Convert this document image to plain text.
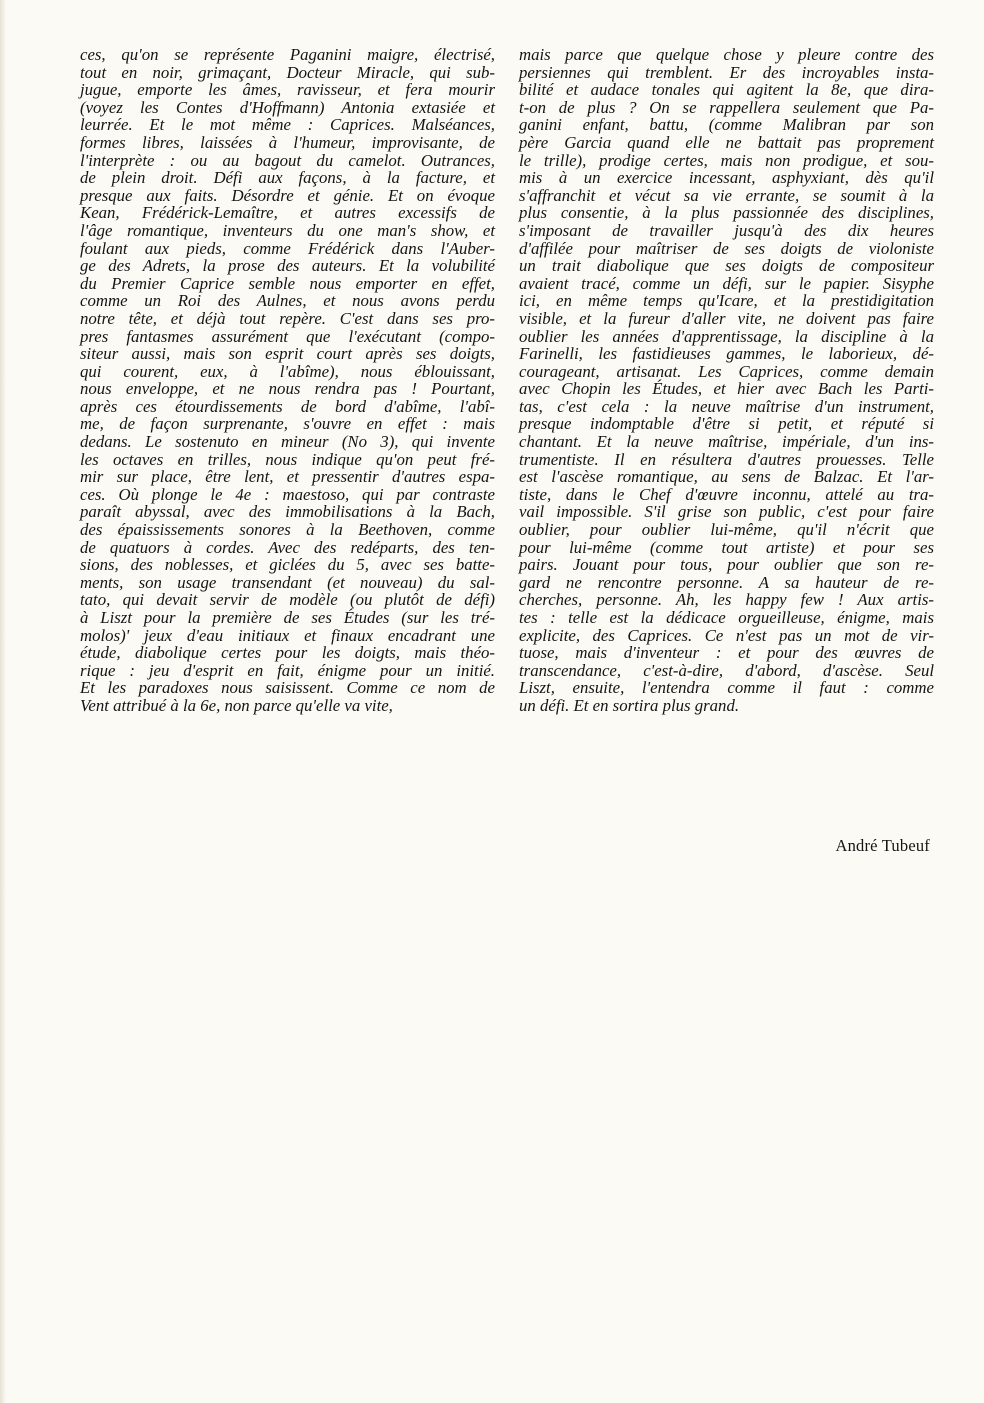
ces, qu'on se représente Paganini maigre, électrisé,
tout en noir, grimaçant, Docteur Miracle, qui sub-
jugue, emporte les âmes, ravisseur, et fera mourir
(voyez les Contes d'Hoffmann) Antonia extasiée et
leurrée. Et le mot même : Caprices. Malséances,
formes libres, laissées à l'humeur, improvisante, de
l'interprète : ou au bagout du camelot. Outrances,
de plein droit. Défi aux façons, à la facture, et
presque aux faits. Désordre et génie. Et on évoque
Kean, Frédérick-Lemaître, et autres excessifs de
l'âge romantique, inventeurs du one man's show, et
foulant aux pieds, comme Frédérick dans l'Auber-
ge des Adrets, la prose des auteurs. Et la volubilité
du Premier Caprice semble nous emporter en effet,
comme un Roi des Aulnes, et nous avons perdu
notre tête, et déjà tout repère. C'est dans ses pro-
pres fantasmes assurément que l'exécutant (compo-
siteur aussi, mais son esprit court après ses doigts,
qui courent, eux, à l'abîme), nous éblouissant,
nous enveloppe, et ne nous rendra pas ! Pourtant,
après ces étourdissements de bord d'abîme, l'abî-
me, de façon surprenante, s'ouvre en effet : mais
dedans. Le sostenuto en mineur (No 3), qui invente
les octaves en trilles, nous indique qu'on peut fré-
mir sur place, être lent, et pressentir d'autres espa-
ces. Où plonge le 4e : maestoso, qui par contraste
paraît abyssal, avec des immobilisations à la Bach,
des épaississements sonores à la Beethoven, comme
de quatuors à cordes. Avec des redéparts, des ten-
sions, des noblesses, et giclées du 5, avec ses batte-
ments, son usage transendant (et nouveau) du sal-
tato, qui devait servir de modèle (ou plutôt de défi)
à Liszt pour la première de ses Études (sur les tré-
molos)' jeux d'eau initiaux et finaux encadrant une
étude, diabolique certes pour les doigts, mais théo-
rique : jeu d'esprit en fait, énigme pour un initié.
Et les paradoxes nous saisissent. Comme ce nom de
Vent attribué à la 6e, non parce qu'elle va vite,
mais parce que quelque chose y pleure contre des
persiennes qui tremblent. Er des incroyables insta-
bilité et audace tonales qui agitent la 8e, que dira-
t-on de plus ? On se rappellera seulement que Pa-
ganini enfant, battu, (comme Malibran par son
père Garcia quand elle ne battait pas proprement
le trille), prodige certes, mais non prodigue, et sou-
mis à un exercice incessant, asphyxiant, dès qu'il
s'affranchit et vécut sa vie errante, se soumit à la
plus consentie, à la plus passionnée des disciplines,
s'imposant de travailler jusqu'à des dix heures
d'affilée pour maîtriser de ses doigts de violoniste
un trait diabolique que ses doigts de compositeur
avaient tracé, comme un défi, sur le papier. Sisyphe
ici, en même temps qu'Icare, et la prestidigitation
visible, et la fureur d'aller vite, ne doivent pas faire
oublier les années d'apprentissage, la discipline à la
Farinelli, les fastidieuses gammes, le laborieux, dé-
courageant, artisanat. Les Caprices, comme demain
avec Chopin les Études, et hier avec Bach les Parti-
tas, c'est cela : la neuve maîtrise d'un instrument,
presque indomptable d'être si petit, et réputé si
chantant. Et la neuve maîtrise, impériale, d'un ins-
trumentiste. Il en résultera d'autres prouesses. Telle
est l'ascèse romantique, au sens de Balzac. Et l'ar-
tiste, dans le Chef d'œuvre inconnu, attelé au tra-
vail impossible. S'il grise son public, c'est pour faire
oublier, pour oublier lui-même, qu'il n'écrit que
pour lui-même (comme tout artiste) et pour ses
pairs. Jouant pour tous, pour oublier que son re-
gard ne rencontre personne. A sa hauteur de re-
cherches, personne. Ah, les happy few ! Aux artis-
tes : telle est la dédicace orgueilleuse, énigme, mais
explicite, des Caprices. Ce n'est pas un mot de vir-
tuose, mais d'inventeur : et pour des œuvres de
transcendance, c'est-à-dire, d'abord, d'ascèse. Seul
Liszt, ensuite, l'entendra comme il faut : comme
un défi. Et en sortira plus grand.
André Tubeuf
